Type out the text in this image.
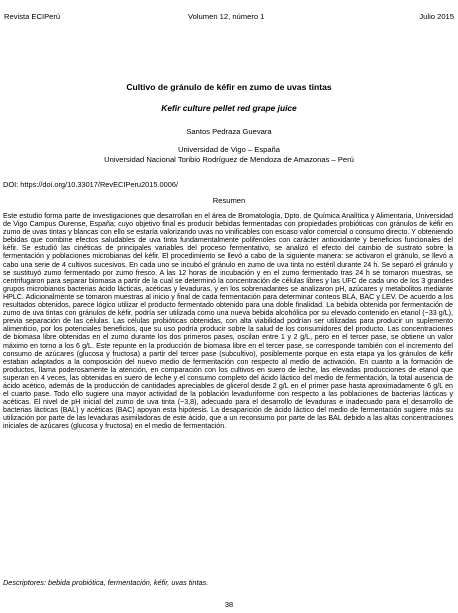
Revista ECIPerú	Volumen 12, número 1	Julio 2015
Cultivo de gránulo de kéfir en zumo de uvas tintas
Kefir culture pellet red grape juice
Santos Pedraza Guevara
Universidad de Vigo – España
Universidad Nacional Toribio Rodríguez de Mendoza de Amazonas – Perú
DOI: https://doi.org/10.33017/RevECIPeru2015.0006/
Resumen

Este estudio forma parte de investigaciones que desarrollan en el área de Bromatología, Dpto. de Química Analítica y Alimentaria, Universidad de Vigo Campus Ourense, España; cuyo objetivo final es producir bebidas fermentadas con propiedades probióticas con gránulos de kéfir en zumo de uvas tintas y blancas con ello se estaría valorizando uvas no vinificables con escaso valor comercial o consumo directo. Y obteniendo bebidas que combine efectos saludables de uva tinta fundamentalmente polifenoles con carácter antioxidante y beneficios funcionales del kéfir. Se estudió las cinéticas de principales variables del proceso fermentativo, se analizó el efecto del cambio de sustrato sobre la fermentación y poblaciones microbianas del kéfir. El procedimiento se llevó a cabo de la siguiente manera: se activaron el gránulo, se llevó a cabo una serie de 4 cultivos sucesivos. En cada uno se incubó el gránulo en zumo de uva tinta no estéril durante 24 h. Se separó el gránulo y se sustituyó zumo fermentado por zumo fresco. A las 12 horas de incubación y en el zumo fermentado tras 24 h se tomaron muestras, se centrifugaron para separar biomasa a partir de la cual se determinó la concentración de células libres y las UFC de cada uno de los 3 grandes grupos microbianos bacterias ácido lácticas, acéticas y levaduras, y en los sobrenadantes se analizaron pH, azúcares y metabolitos mediante HPLC. Adicionalmente se tomaron muestras al inicio y final de cada fermentación para determinar conteos BLA, BAC y LEV. De acuerdo a los resultados obtenidos, parece lógico utilizar el producto fermentado obtenido para una doble finalidad. La bebida obtenida por fermentación de zumo de uva tintas con gránulos de kéfir, podría ser utilizada como una nueva bebida alcohólica por su elevado contenido en etanol (~33 g/L), previa separación de las células. Las células probióticas obtenidas, con alta viabilidad podrían ser utilizadas para producir un suplemento alimenticio, por los potenciales beneficios, que su uso podría producir sobre la salud de los consumidores del producto. Las concentraciones de biomasa libre obtenidas en el zumo durante los dos primeros pases, oscilan entre 1 y 2 g/L, pero en el tercer pase, se obtiene un valor máximo en torno a los 6 g/L. Este repunte en la producción de biomasa libre en el tercer pase, se corresponde también con el incremento del consumo de azúcares (glucosa y fructosa) a partir del tercer pase (subcultivo), posiblemente porque en esta etapa ya los gránulos de kéfir estaban adaptados a la composición del nuevo medio de fermentación con respecto al medio de activación. En cuanto a la formación de productos, llama poderosamente la atención, en comparación con los cultivos en suero de leche, las elevadas producciones de etanol que superan en 4 veces, las obtenidas en suero de leche y el consumo completo del ácido láctico del medio de fermentación, la total ausencia de ácido acético, además de la producción de cantidades apreciables de glicerol desde 2 g/L en el primer pase hasta aproximadamente 6 g/L en el cuarto pase. Todo ello sugiere una mayor actividad de la población levaduriforme con respecto a las poblaciones de bacterias lácticas y acéticas. El nivel de pH inicial del zumo de uva tinta (~3,8), adecuado para el desarrollo de levaduras e inadecuado para el desarrollo de bacterias lácticas (BAL) y acéticas (BAC) apoyan esta hipótesis. La desaparición de ácido láctico del medio de fermentación sugiere más su utilización por parte de las levaduras asimiladoras de este ácido, que a un reconsumo por parte de las BAL debido a las altas concentraciones iniciales de azúcares (glucosa y fructosa) en el medio de fermentación.

Descriptores: bebida probiótica, fermentación, kéfir, uvas tintas.
38
